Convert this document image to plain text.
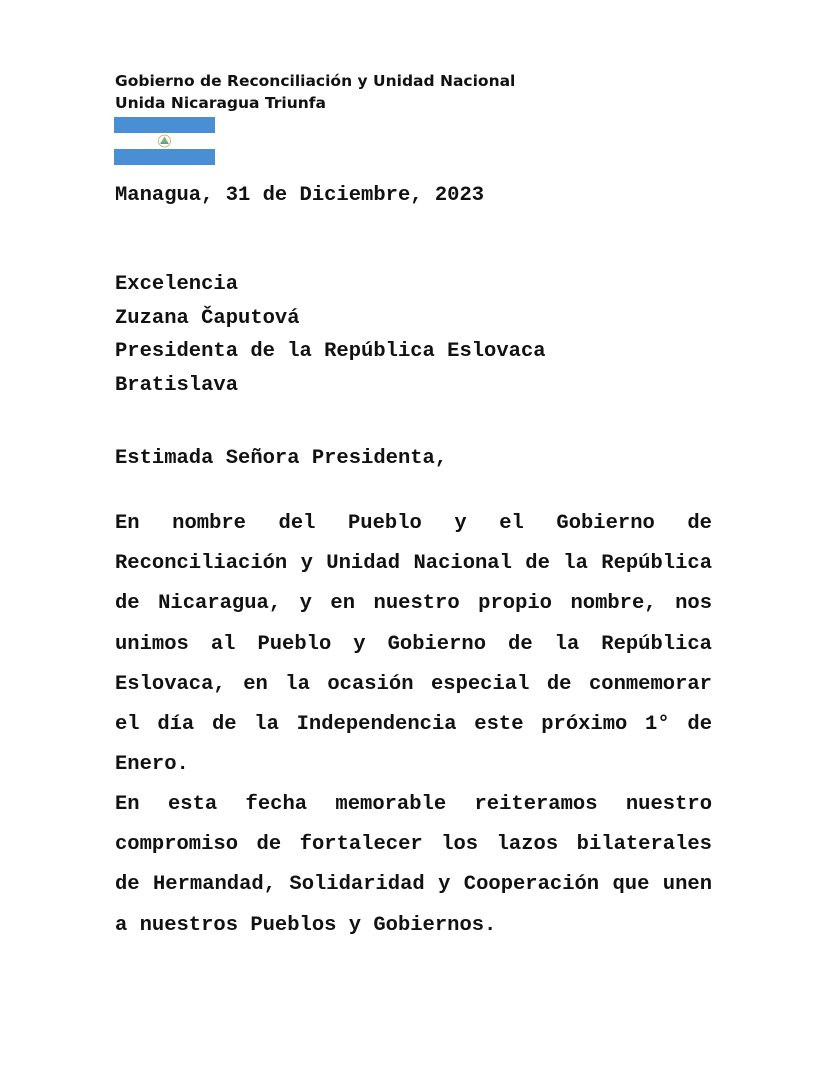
Gobierno de Reconciliación y Unidad Nacional
Unida Nicaragua Triunfa
Managua, 31 de Diciembre, 2023
Excelencia
Zuzana Čaputová
Presidenta de la República Eslovaca
Bratislava
Estimada Señora Presidenta,
En nombre del Pueblo y el Gobierno de Reconciliación y Unidad Nacional de la República de Nicaragua, y en nuestro propio nombre, nos unimos al Pueblo y Gobierno de la República Eslovaca, en la ocasión especial de conmemorar el día de la Independencia este próximo 1° de Enero.
En esta fecha memorable reiteramos nuestro compromiso de fortalecer los lazos bilaterales de Hermandad, Solidaridad y Cooperación que unen a nuestros Pueblos y Gobiernos.
